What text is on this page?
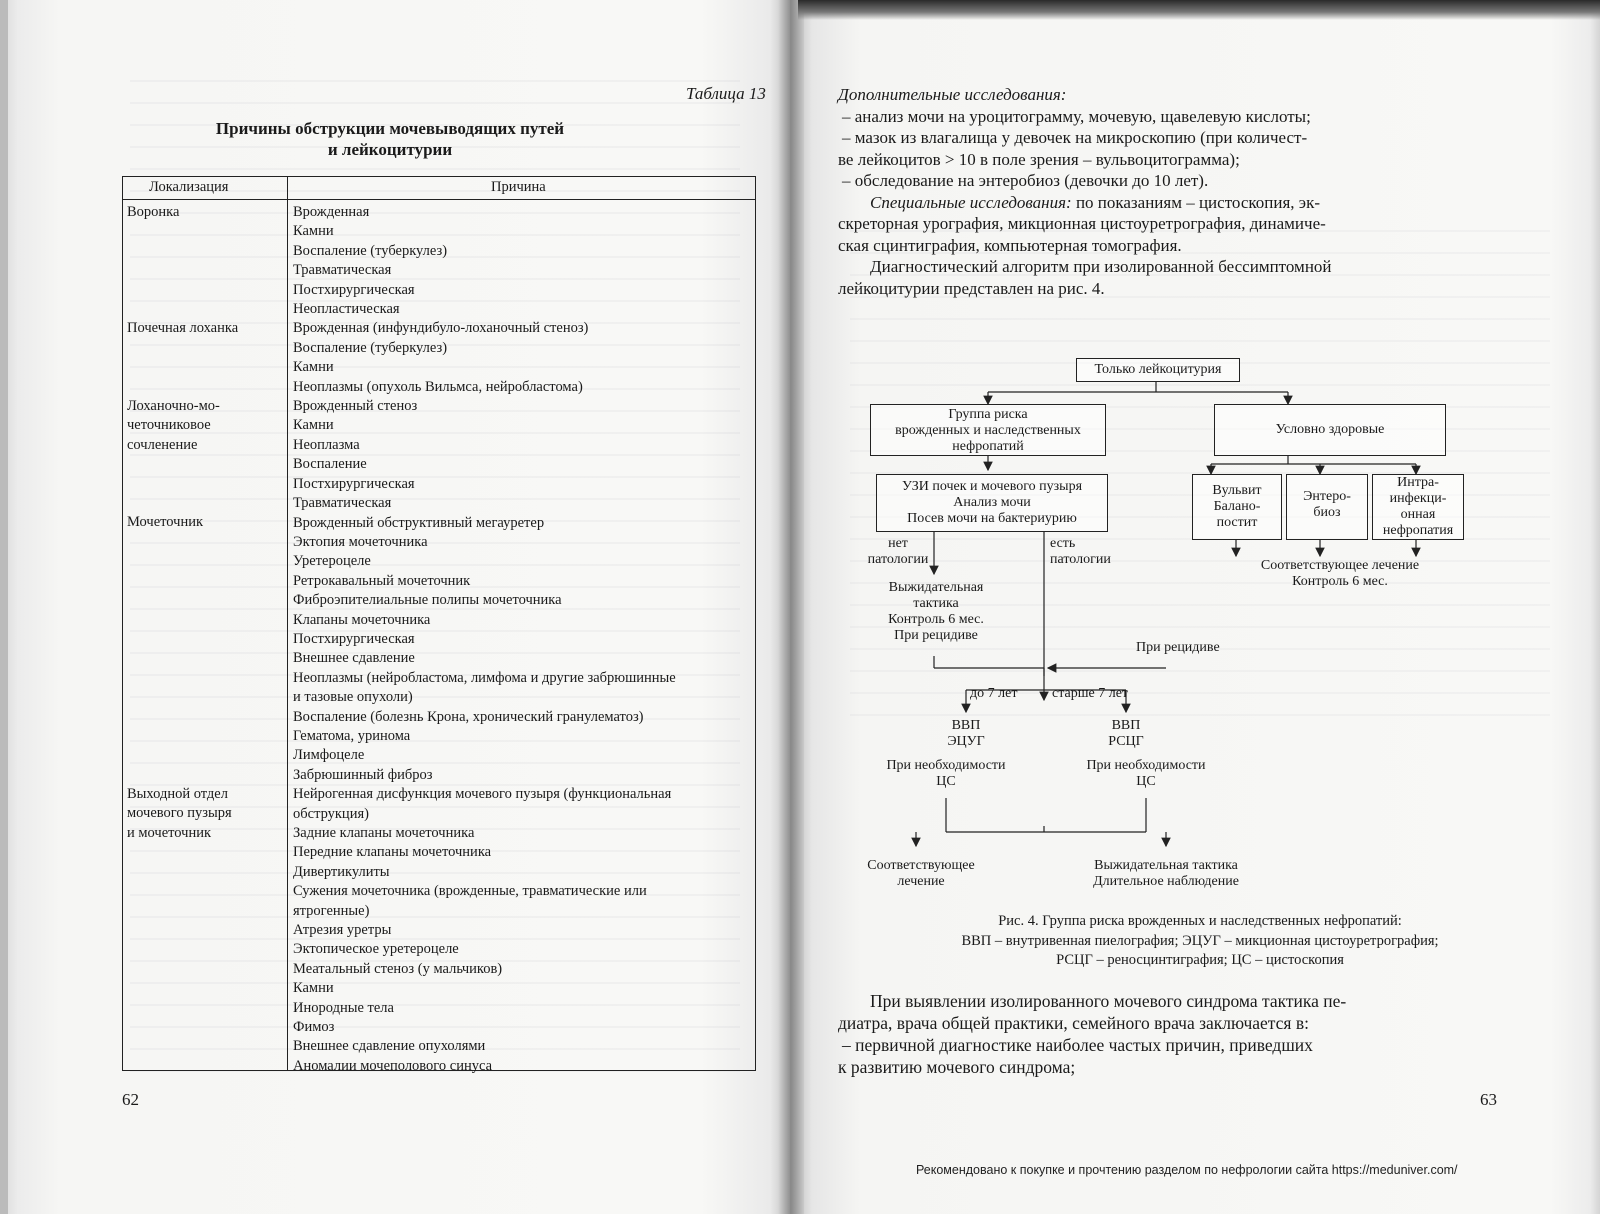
Таблица 13
Причины обструкции мочевыводящих путей
и лейкоцитурии
Локализация	Причина
Воронка
Почечная лоханка
Лоханочно-мо-
четочниковое
сочленение
Мочеточник
Выходной отдел
мочевого пузыря
и мочеточник
Врожденная
Камни
Воспаление (туберкулез)
Травматическая
Постхирургическая
Неопластическая
Врожденная (инфундибуло-лоханочный стеноз)
Воспаление (туберкулез)
Камни
Неоплазмы (опухоль Вильмса, нейробластома)
Врожденный стеноз
Камни
Неоплазма
Воспаление
Постхирургическая
Травматическая
Врожденный обструктивный мегауретер
Эктопия мочеточника
Уретероцеле
Ретрокавальный мочеточник
Фиброэпителиальные полипы мочеточника
Клапаны мочеточника
Постхирургическая
Внешнее сдавление
Неоплазмы (нейробластома, лимфома и другие забрюшинные
и тазовые опухоли)
Воспаление (болезнь Крона, хронический гранулематоз)
Гематома, уринома
Лимфоцеле
Забрюшинный фиброз
Нейрогенная дисфункция мочевого пузыря (функциональная
обструкция)
Задние клапаны мочеточника
Передние клапаны мочеточника
Дивертикулиты
Сужения мочеточника (врожденные, травматические или
ятрогенные)
Атрезия уретры
Эктопическое уретероцеле
Меатальный стеноз (у мальчиков)
Камни
Инородные тела
Фимоз
Внешнее сдавление опухолями
Аномалии мочеполового синуса
62

Дополнительные исследования:

– анализ мочи на уроцитограмму, мочевую, щавелевую кислоты;

– мазок из влагалища у девочек на микроскопию (при количест-

ве лейкоцитов > 10 в поле зрения – вульвоцитограмма);

– обследование на энтеробиоз (девочки до 10 лет).

Специальные исследования: по показаниям – цистоскопия, эк-

скреторная урография, микционная цистоуретрография, динамиче-

ская сцинтиграфия, компьютерная томография.

Диагностический алгоритм при изолированной бессимптомной

лейкоцитурии представлен на рис. 4.

Только лейкоцитурия
Группа риска
врожденных и наследственных
нефропатий
Условно здоровые
УЗИ почек и мочевого пузыря
Анализ мочи
Посев мочи на бактериурию
Вульвит
Балано-
постит
Энтеро-
биоз
Интра-
инфекци-
онная
нефропатия
нет
патологии
есть
патологии	Соответствующее лечение
Контроль 6 мес.
Выжидательная
тактика
Контроль 6 мес.
При рецидиве
При рецидиве
до 7 лет старше 7 лет
ВВП
ЭЦУГ
ВВП
РСЦГ
При необходимости
ЦС
При необходимости
ЦС
Соответствующее
лечение
Выжидательная тактика
Длительное наблюдение
Рис. 4. Группа риска врожденных и наследственных нефропатий:
ВВП – внутривенная пиелография; ЭЦУГ – микционная цистоуретрография;
РСЦГ – реносцинтиграфия; ЦС – цистоскопия

При выявлении изолированного мочевого синдрома тактика пе-

диатра, врача общей практики, семейного врача заключается в:

– первичной диагностике наиболее частых причин, приведших

к развитию мочевого синдрома;

63
Рекомендовано к покупке и прочтению разделом по нефрологии сайта https://meduniver.com/
